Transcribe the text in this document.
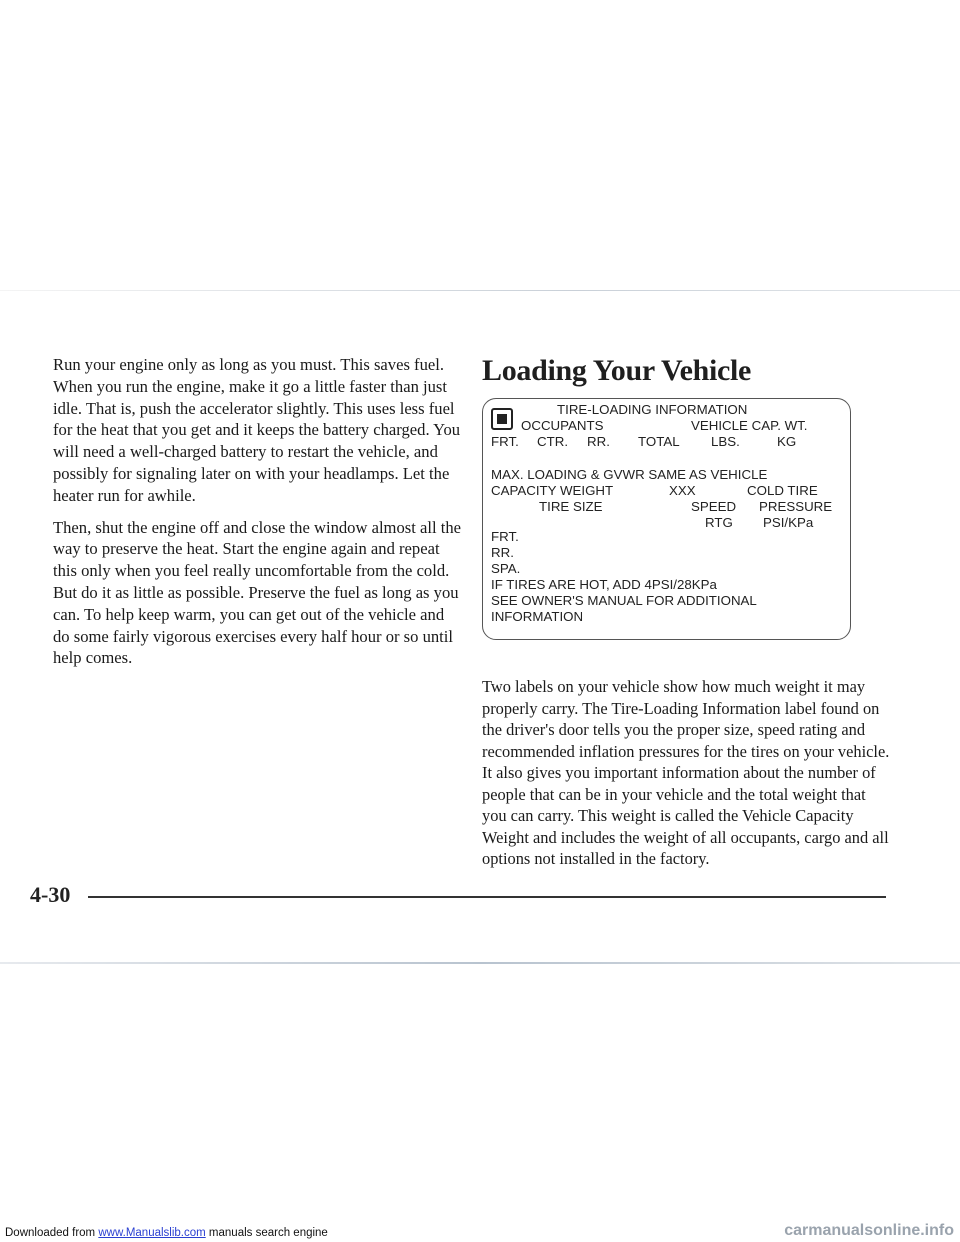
Run your engine only as long as you must. This saves fuel. When you run the engine, make it go a little faster than just idle. That is, push the accelerator slightly. This uses less fuel for the heat that you get and it keeps the battery charged. You will need a well-charged battery to restart the vehicle, and possibly for signaling later on with your headlamps. Let the heater run for awhile.

Then, shut the engine off and close the window almost all the way to preserve the heat. Start the engine again and repeat this only when you feel really uncomfortable from the cold. But do it as little as possible. Preserve the fuel as long as you can. To help keep warm, you can get out of the vehicle and do some fairly vigorous exercises every half hour or so until help comes.

Loading Your Vehicle
TIRE-LOADING INFORMATION
OCCUPANTS	VEHICLE CAP. WT.
FRT. CTR. RR. TOTAL LBS.	KG
MAX. LOADING & GVWR SAME AS VEHICLE
CAPACITY WEIGHT	XXX	COLD TIRE
TIRE SIZE	SPEED PRESSURE
RTG PSI/KPa
FRT.
RR.
SPA.
IF TIRES ARE HOT, ADD 4PSI/28KPa
SEE OWNER'S MANUAL FOR ADDITIONAL
INFORMATION

Two labels on your vehicle show how much weight it may properly carry. The Tire-Loading Information label found on the driver's door tells you the proper size, speed rating and recommended inflation pressures for the tires on your vehicle. It also gives you important information about the number of people that can be in your vehicle and the total weight that you can carry. This weight is called the Vehicle Capacity Weight and includes the weight of all occupants, cargo and all options not installed in the factory.

4-30
Downloaded from www.Manualslib.com manuals search engine	carmanualsonline.info
